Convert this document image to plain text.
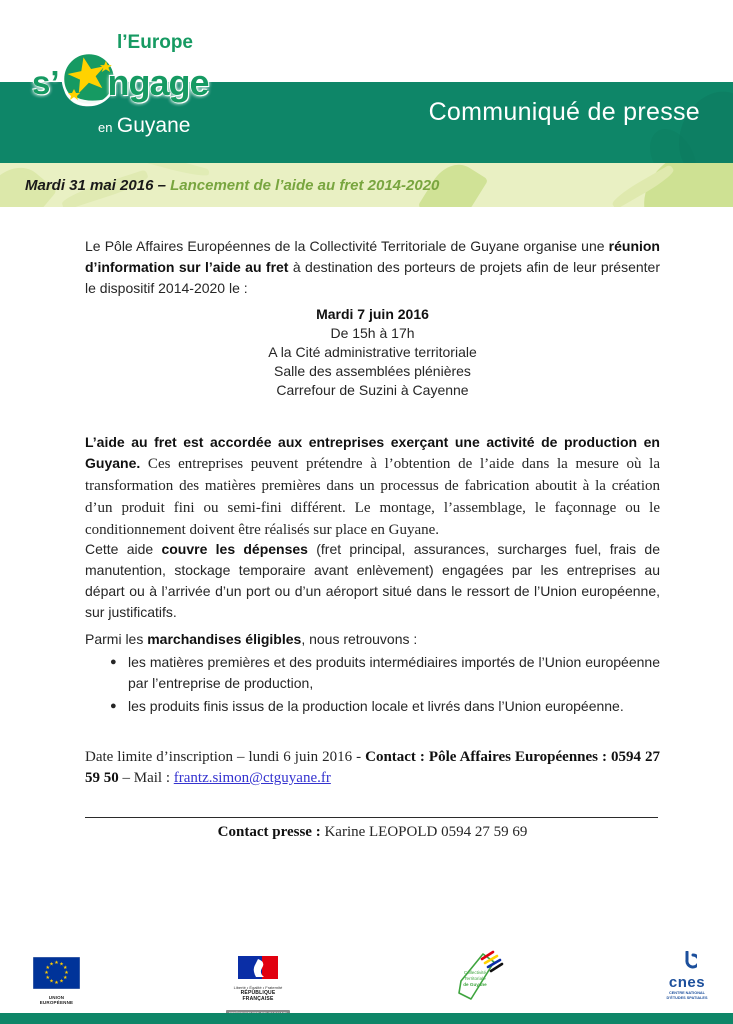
Communiqué de presse
Mardi 31 mai 2016 – Lancement de l’aide au fret 2014-2020
l’Europe
s’ ngage
en Guyane

Le Pôle Affaires Européennes de la Collectivité Territoriale de Guyane organise une réunion d’information sur l’aide au fret à destination des porteurs de projets afin de leur présenter le dispositif 2014-2020 le :

Mardi 7 juin 2016
De 15h à 17h
A la Cité administrative territoriale
Salle des assemblées plénières
Carrefour de Suzini à Cayenne

L’aide au fret est accordée aux entreprises exerçant une activité de production en Guyane. Ces entreprises peuvent prétendre à l’obtention de l’aide dans la mesure où la transformation des matières premières dans un processus de fabrication aboutit à la création d’un produit fini ou semi-fini différent. Le montage, l’assemblage, le façonnage ou le conditionnement doivent être réalisés sur place en Guyane.

Cette aide couvre les dépenses (fret principal, assurances, surcharges fuel, frais de manutention, stockage temporaire avant enlèvement) engagées par les entreprises au départ ou à l’arrivée d’un port ou d’un aéroport situé dans le ressort de l’Union européenne, sur justificatifs.

Parmi les marchandises éligibles, nous retrouvons :

● les matières premières et des produits intermédiaires importés de l’Union européenne par l’entreprise de production,
● les produits finis issus de la production locale et livrés dans l’Union européenne.

Date limite d’inscription – lundi 6 juin 2016 - Contact : Pôle Affaires Européennes : 0594 27 59 50 – Mail : frantz.simon@ctguyane.fr

Contact presse : Karine LEOPOLD 0594 27 59 69

★ ★
★
★
★
★
★
★
★
★
★
★
UNION EUROPÉENNE
Liberté • Égalité • Fraternité
RÉPUBLIQUE FRANÇAISE
Collectivité
Territoriale
de Guyane	cnes
CENTRE NATIONAL
D’ÉTUDES SPATIALES
